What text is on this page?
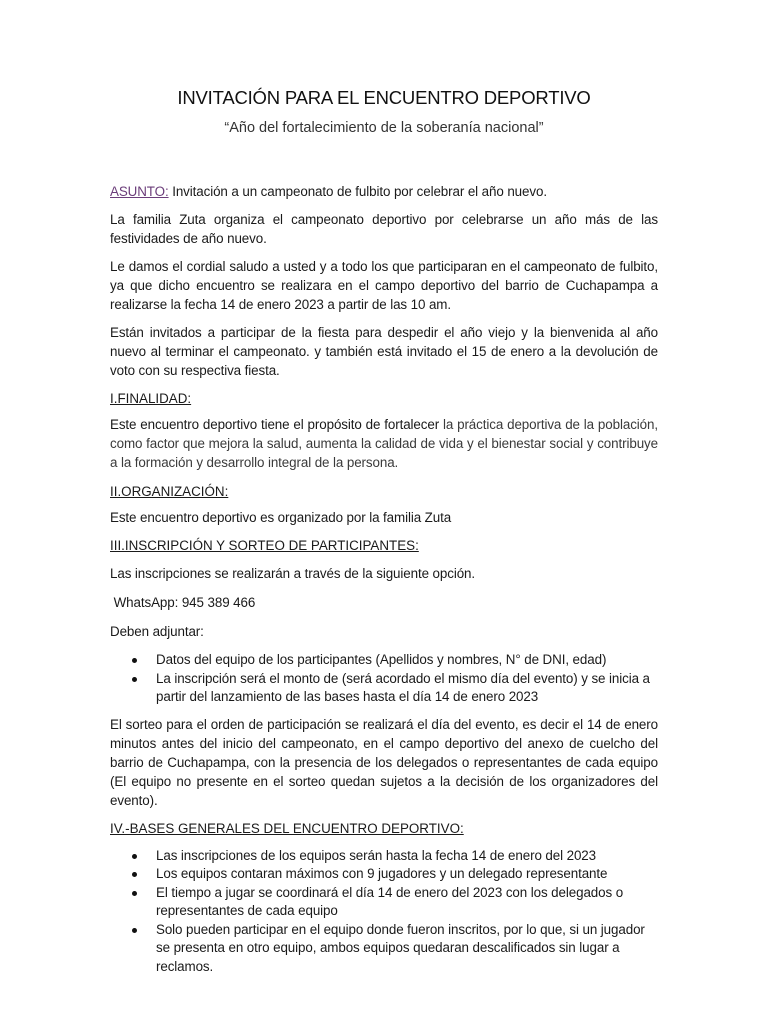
INVITACIÓN PARA EL ENCUENTRO DEPORTIVO
“Año del fortalecimiento de la soberanía nacional”

ASUNTO: Invitación a un campeonato de fulbito por celebrar el año nuevo.

La familia Zuta organiza el campeonato deportivo por celebrarse un año más de las festividades de año nuevo.

Le damos el cordial saludo a usted y a todo los que participaran en el campeonato de fulbito, ya que dicho encuentro se realizara en el campo deportivo del barrio de Cuchapampa a realizarse la fecha 14 de enero 2023 a partir de las 10 am.

Están invitados a participar de la fiesta para despedir el año viejo y la bienvenida al año nuevo al terminar el campeonato. y también está invitado el 15 de enero a la devolución de voto con su respectiva fiesta.

I.FINALIDAD:

Este encuentro deportivo tiene el propósito de fortalecer la práctica deportiva de la población, como factor que mejora la salud, aumenta la calidad de vida y el bienestar social y contribuye a la formación y desarrollo integral de la persona.

II.ORGANIZACIÓN:

Este encuentro deportivo es organizado por la familia Zuta

III.INSCRIPCIÓN Y SORTEO DE PARTICIPANTES:

Las inscripciones se realizarán a través de la siguiente opción.

WhatsApp: 945 389 466

Deben adjuntar:

Datos del equipo de los participantes (Apellidos y nombres, N° de DNI, edad)
La inscripción será el monto de (será acordado el mismo día del evento) y se inicia a partir del lanzamiento de las bases hasta el día 14 de enero 2023

El sorteo para el orden de participación se realizará el día del evento, es decir el 14 de enero minutos antes del inicio del campeonato, en el campo deportivo del anexo de cuelcho del barrio de Cuchapampa, con la presencia de los delegados o representantes de cada equipo (El equipo no presente en el sorteo quedan sujetos a la decisión de los organizadores del evento).

IV.-BASES GENERALES DEL ENCUENTRO DEPORTIVO:
Las inscripciones de los equipos serán hasta la fecha 14 de enero del 2023
Los equipos contaran máximos con 9 jugadores y un delegado representante
El tiempo a jugar se coordinará el día 14 de enero del 2023 con los delegados o representantes de cada equipo
Solo pueden participar en el equipo donde fueron inscritos, por lo que, si un jugador se presenta en otro equipo, ambos equipos quedaran descalificados sin lugar a reclamos.
